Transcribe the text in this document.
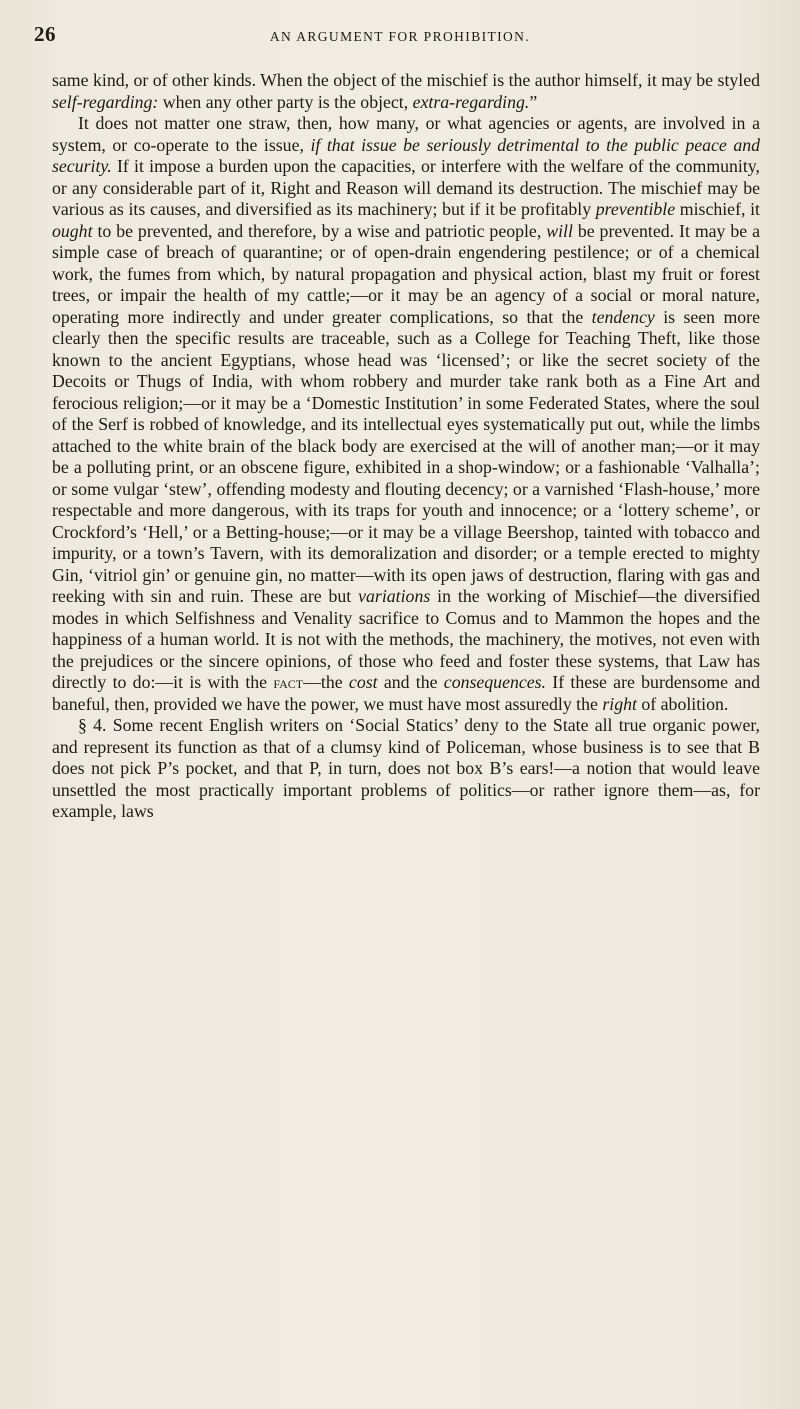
26	AN ARGUMENT FOR PROHIBITION.

same kind, or of other kinds. When the object of the mischief is the author himself, it may be styled self-regarding: when any other party is the object, extra-regarding.”

It does not matter one straw, then, how many, or what agencies or agents, are involved in a system, or co-operate to the issue, if that issue be seriously detrimental to the public peace and security. If it impose a burden upon the capacities, or interfere with the welfare of the community, or any considerable part of it, Right and Reason will demand its destruction. The mischief may be various as its causes, and diversified as its machinery; but if it be profitably preventible mischief, it ought to be prevented, and therefore, by a wise and patriotic people, will be prevented. It may be a simple case of breach of quarantine; or of open-drain engendering pestilence; or of a chemical work, the fumes from which, by natural propagation and physical action, blast my fruit or forest trees, or impair the health of my cattle;—or it may be an agency of a social or moral nature, operating more indirectly and under greater complications, so that the tendency is seen more clearly then the specific results are traceable, such as a College for Teaching Theft, like those known to the ancient Egyptians, whose head was ‘licensed’; or like the secret society of the Decoits or Thugs of India, with whom robbery and murder take rank both as a Fine Art and ferocious religion;—or it may be a ‘Domestic Institution’ in some Federated States, where the soul of the Serf is robbed of knowledge, and its intellectual eyes systematically put out, while the limbs attached to the white brain of the black body are exercised at the will of another man;—or it may be a polluting print, or an obscene figure, exhibited in a shop-window; or a fashionable ‘Valhalla’; or some vulgar ‘stew’, offending modesty and flouting decency; or a varnished ‘Flash-house,’ more respectable and more dangerous, with its traps for youth and innocence; or a ‘lottery scheme’, or Crockford’s ‘Hell,’ or a Betting-house;—or it may be a village Beershop, tainted with tobacco and impurity, or a town’s Tavern, with its demoralization and disorder; or a temple erected to mighty Gin, ‘vitriol gin’ or genuine gin, no matter—with its open jaws of destruction, flaring with gas and reeking with sin and ruin. These are but variations in the working of Mischief—the diversified modes in which Selfishness and Venality sacrifice to Comus and to Mammon the hopes and the happiness of a human world. It is not with the methods, the machinery, the motives, not even with the prejudices or the sincere opinions, of those who feed and foster these systems, that Law has directly to do:—it is with the fact—the cost and the consequences. If these are burdensome and baneful, then, provided we have the power, we must have most assuredly the right of abolition.

§ 4. Some recent English writers on ‘Social Statics’ deny to the State all true organic power, and represent its function as that of a clumsy kind of Policeman, whose business is to see that B does not pick P’s pocket, and that P, in turn, does not box B’s ears!—a notion that would leave unsettled the most practically important problems of politics—or rather ignore them—as, for example, laws
